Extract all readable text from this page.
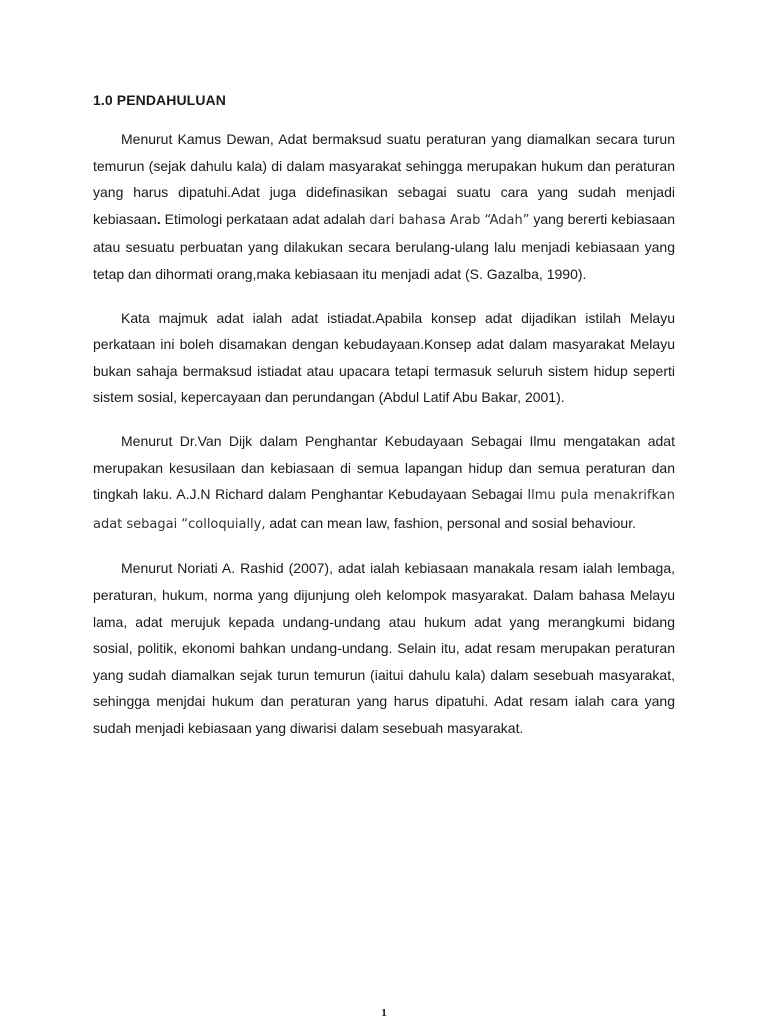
1.0 PENDAHULUAN

Menurut Kamus Dewan, Adat bermaksud suatu peraturan yang diamalkan secara turun temurun (sejak dahulu kala) di dalam masyarakat sehingga merupakan hukum dan peraturan yang harus dipatuhi.Adat juga didefinasikan sebagai suatu cara yang sudah menjadi kebiasaan. Etimologi perkataan adat adalah dari bahasa Arab “Adah” yang bererti kebiasaan atau sesuatu perbuatan yang dilakukan secara berulang-ulang lalu menjadi kebiasaan yang tetap dan dihormati orang,maka kebiasaan itu menjadi adat (S. Gazalba, 1990).

Kata majmuk adat ialah adat istiadat.Apabila konsep adat dijadikan istilah Melayu perkataan ini boleh disamakan dengan kebudayaan.Konsep adat dalam masyarakat Melayu bukan sahaja bermaksud istiadat atau upacara tetapi termasuk seluruh sistem hidup seperti sistem sosial, kepercayaan dan perundangan (Abdul Latif Abu Bakar, 2001).

Menurut Dr.Van Dijk dalam Penghantar Kebudayaan Sebagai Ilmu mengatakan adat merupakan kesusilaan dan kebiasaan di semua lapangan hidup dan semua peraturan dan tingkah laku. A.J.N Richard dalam Penghantar Kebudayaan Sebagai Ilmu pula menakrifkan adat sebagai “colloquially, adat can mean law, fashion, personal and sosial behaviour.

Menurut Noriati A. Rashid (2007), adat ialah kebiasaan manakala resam ialah lembaga, peraturan, hukum, norma yang dijunjung oleh kelompok masyarakat. Dalam bahasa Melayu lama, adat merujuk kepada undang-undang atau hukum adat yang merangkumi bidang sosial, politik, ekonomi bahkan undang-undang. Selain itu, adat resam merupakan peraturan yang sudah diamalkan sejak turun temurun (iaitui dahulu kala) dalam sesebuah masyarakat, sehingga menjdai hukum dan peraturan yang harus dipatuhi. Adat resam ialah cara yang sudah menjadi kebiasaan yang diwarisi dalam sesebuah masyarakat.

1
